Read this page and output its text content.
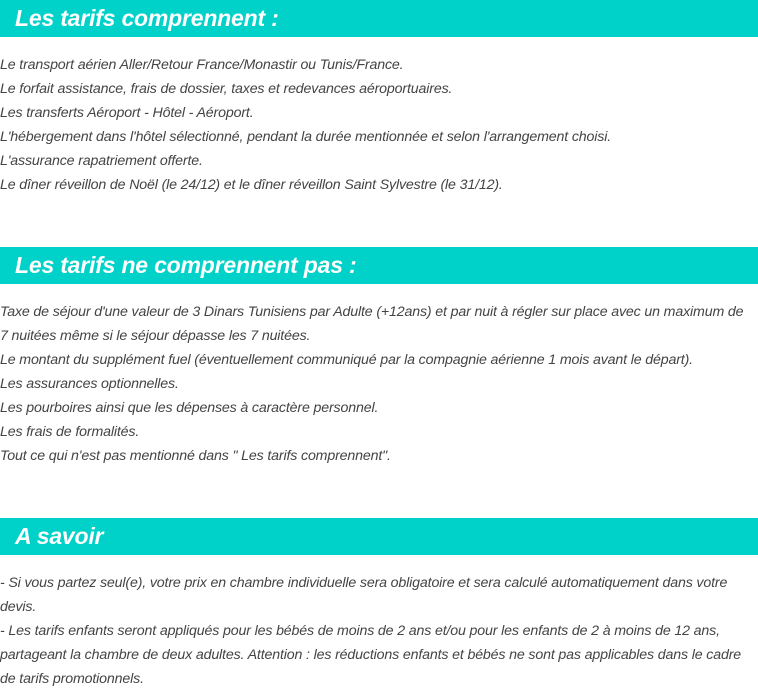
Les tarifs comprennent :

Le transport aérien Aller/Retour France/Monastir ou Tunis/France.

Le forfait assistance, frais de dossier, taxes et redevances aéroportuaires.

Les transferts Aéroport - Hôtel - Aéroport.

L'hébergement dans l'hôtel sélectionné, pendant la durée mentionnée et selon l'arrangement choisi.

L'assurance rapatriement offerte.

Le dîner réveillon de Noël (le 24/12) et le dîner réveillon Saint Sylvestre (le 31/12).

Les tarifs ne comprennent pas :

Taxe de séjour d'une valeur de 3 Dinars Tunisiens par Adulte (+12ans) et par nuit à régler sur place avec un maximum de

7 nuitées même si le séjour dépasse les 7 nuitées.

Le montant du supplément fuel (éventuellement communiqué par la compagnie aérienne 1 mois avant le départ).

Les assurances optionnelles.

Les pourboires ainsi que les dépenses à caractère personnel.

Les frais de formalités.

Tout ce qui n'est pas mentionné dans " Les tarifs comprennent".

A savoir

- Si vous partez seul(e), votre prix en chambre individuelle sera obligatoire et sera calculé automatiquement dans votre

devis.

- Les tarifs enfants seront appliqués pour les bébés de moins de 2 ans et/ou pour les enfants de 2 à moins de 12 ans,

partageant la chambre de deux adultes. Attention : les réductions enfants et bébés ne sont pas applicables dans le cadre

de tarifs promotionnels.
